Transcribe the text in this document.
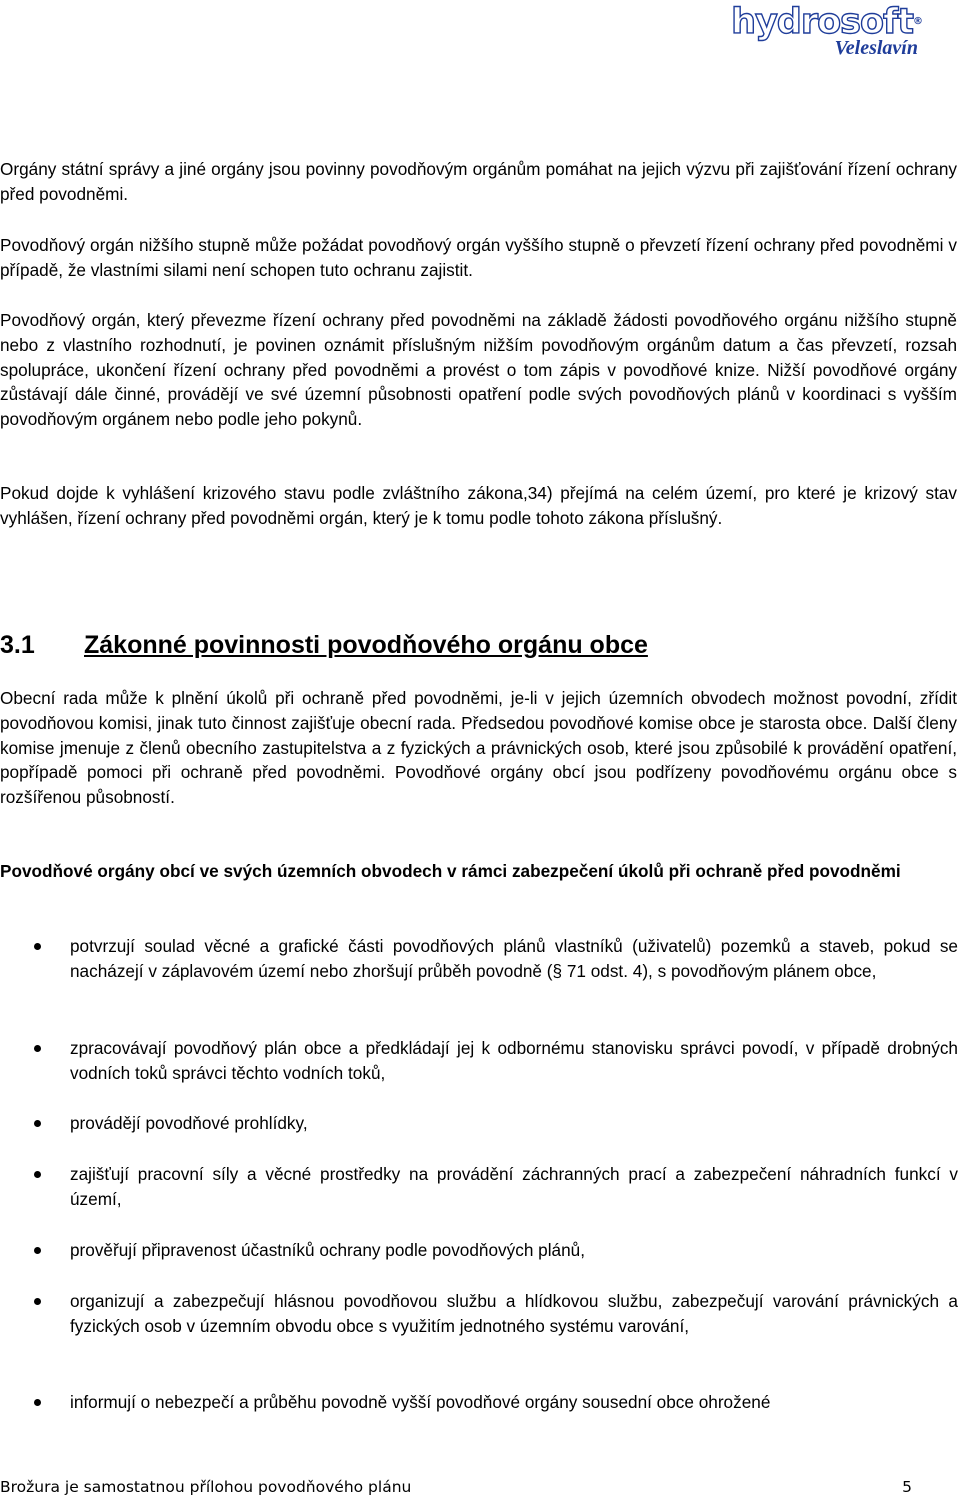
hydrosoft®
Veleslavín

Orgány státní správy a jiné orgány jsou povinny povodňovým orgánům pomáhat na jejich výzvu při zajišťování řízení ochrany před povodněmi.

Povodňový orgán nižšího stupně může požádat povodňový orgán vyššího stupně o převzetí řízení ochrany před povodněmi v případě, že vlastními silami není schopen tuto ochranu zajistit.

Povodňový orgán, který převezme řízení ochrany před povodněmi na základě žádosti povodňového orgánu nižšího stupně nebo z vlastního rozhodnutí, je povinen oznámit příslušným nižším povodňovým orgánům datum a čas převzetí, rozsah spolupráce, ukončení řízení ochrany před povodněmi a provést o tom zápis v povodňové knize. Nižší povodňové orgány zůstávají dále činné, provádějí ve své územní působnosti opatření podle svých povodňových plánů v koordinaci s vyšším povodňovým orgánem nebo podle jeho pokynů.

Pokud dojde k vyhlášení krizového stavu podle zvláštního zákona,34) přejímá na celém území, pro které je krizový stav vyhlášen, řízení ochrany před povodněmi orgán, který je k tomu podle tohoto zákona příslušný.

3.1 Zákonné povinnosti povodňového orgánu obce

Obecní rada může k plnění úkolů při ochraně před povodněmi, je-li v jejich územních obvodech možnost povodní, zřídit povodňovou komisi, jinak tuto činnost zajišťuje obecní rada. Předsedou povodňové komise obce je starosta obce. Další členy komise jmenuje z členů obecního zastupitelstva a z fyzických a právnických osob, které jsou způsobilé k provádění opatření, popřípadě pomoci při ochraně před povodněmi. Povodňové orgány obcí jsou podřízeny povodňovému orgánu obce s rozšířenou působností.

Povodňové orgány obcí ve svých územních obvodech v rámci zabezpečení úkolů při ochraně před povodněmi

potvrzují soulad věcné a grafické části povodňových plánů vlastníků (uživatelů) pozemků a staveb, pokud se nacházejí v záplavovém území nebo zhoršují průběh povodně (§ 71 odst. 4), s povodňovým plánem obce,
zpracovávají povodňový plán obce a předkládají jej k odbornému stanovisku správci povodí, v případě drobných vodních toků správci těchto vodních toků,
provádějí povodňové prohlídky,
zajišťují pracovní síly a věcné prostředky na provádění záchranných prací a zabezpečení náhradních funkcí v území,
prověřují připravenost účastníků ochrany podle povodňových plánů,
organizují a zabezpečují hlásnou povodňovou službu a hlídkovou službu, zabezpečují varování právnických a fyzických osob v územním obvodu obce s využitím jednotného systému varování,
informují o nebezpečí a průběhu povodně vyšší povodňové orgány sousední obce ohrožené
Brožura je samostatnou přílohou povodňového plánu	5
